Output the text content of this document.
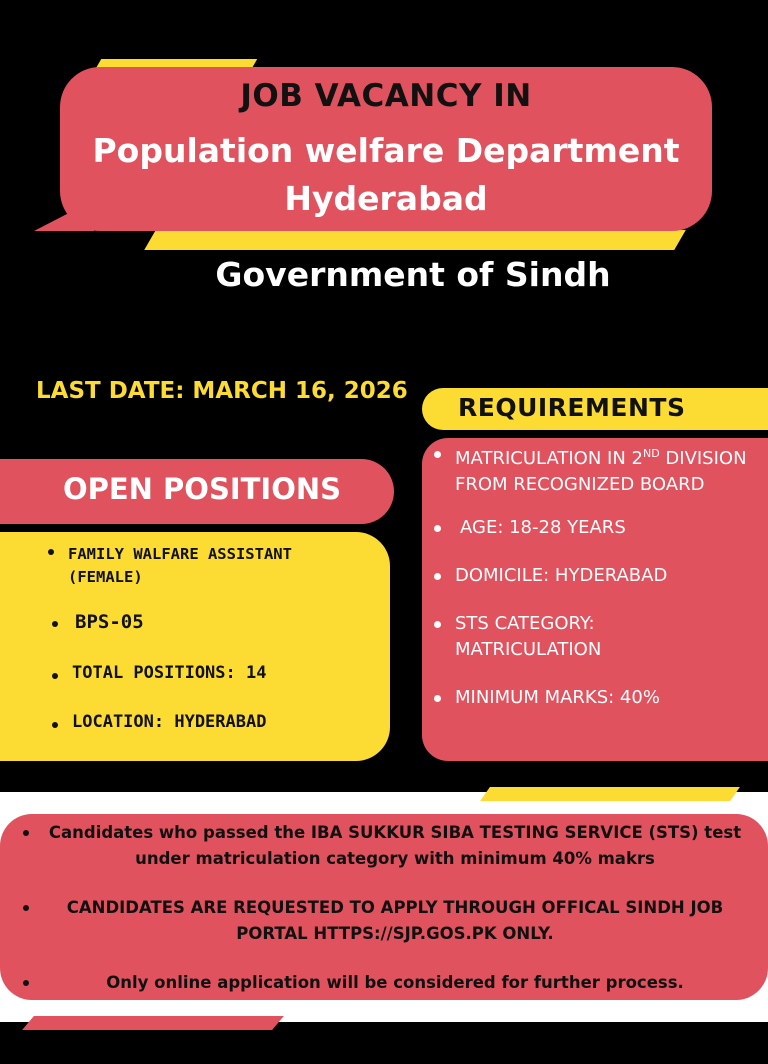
JOB VACANCY IN
Population welfare Department
Hyderabad
Government of Sindh
LAST DATE: MARCH 16, 2026
OPEN POSITIONS
FAMILY WALFARE ASSISTANT
(FEMALE)
BPS-05
TOTAL POSITIONS: 14
LOCATION: HYDERABAD
REQUIREMENTS
MATRICULATION IN 2ND DIVISION
FROM RECOGNIZED BOARD
AGE: 18-28 YEARS
DOMICILE: HYDERABAD
STS CATEGORY:
MATRICULATION
MINIMUM MARKS: 40%
Candidates who passed the IBA SUKKUR SIBA TESTING SERVICE (STS) test
under matriculation category with minimum 40% makrs
CANDIDATES ARE REQUESTED TO APPLY THROUGH OFFICAL SINDH JOB
PORTAL HTTPS://SJP.GOS.PK ONLY.
Only online application will be considered for further process.
